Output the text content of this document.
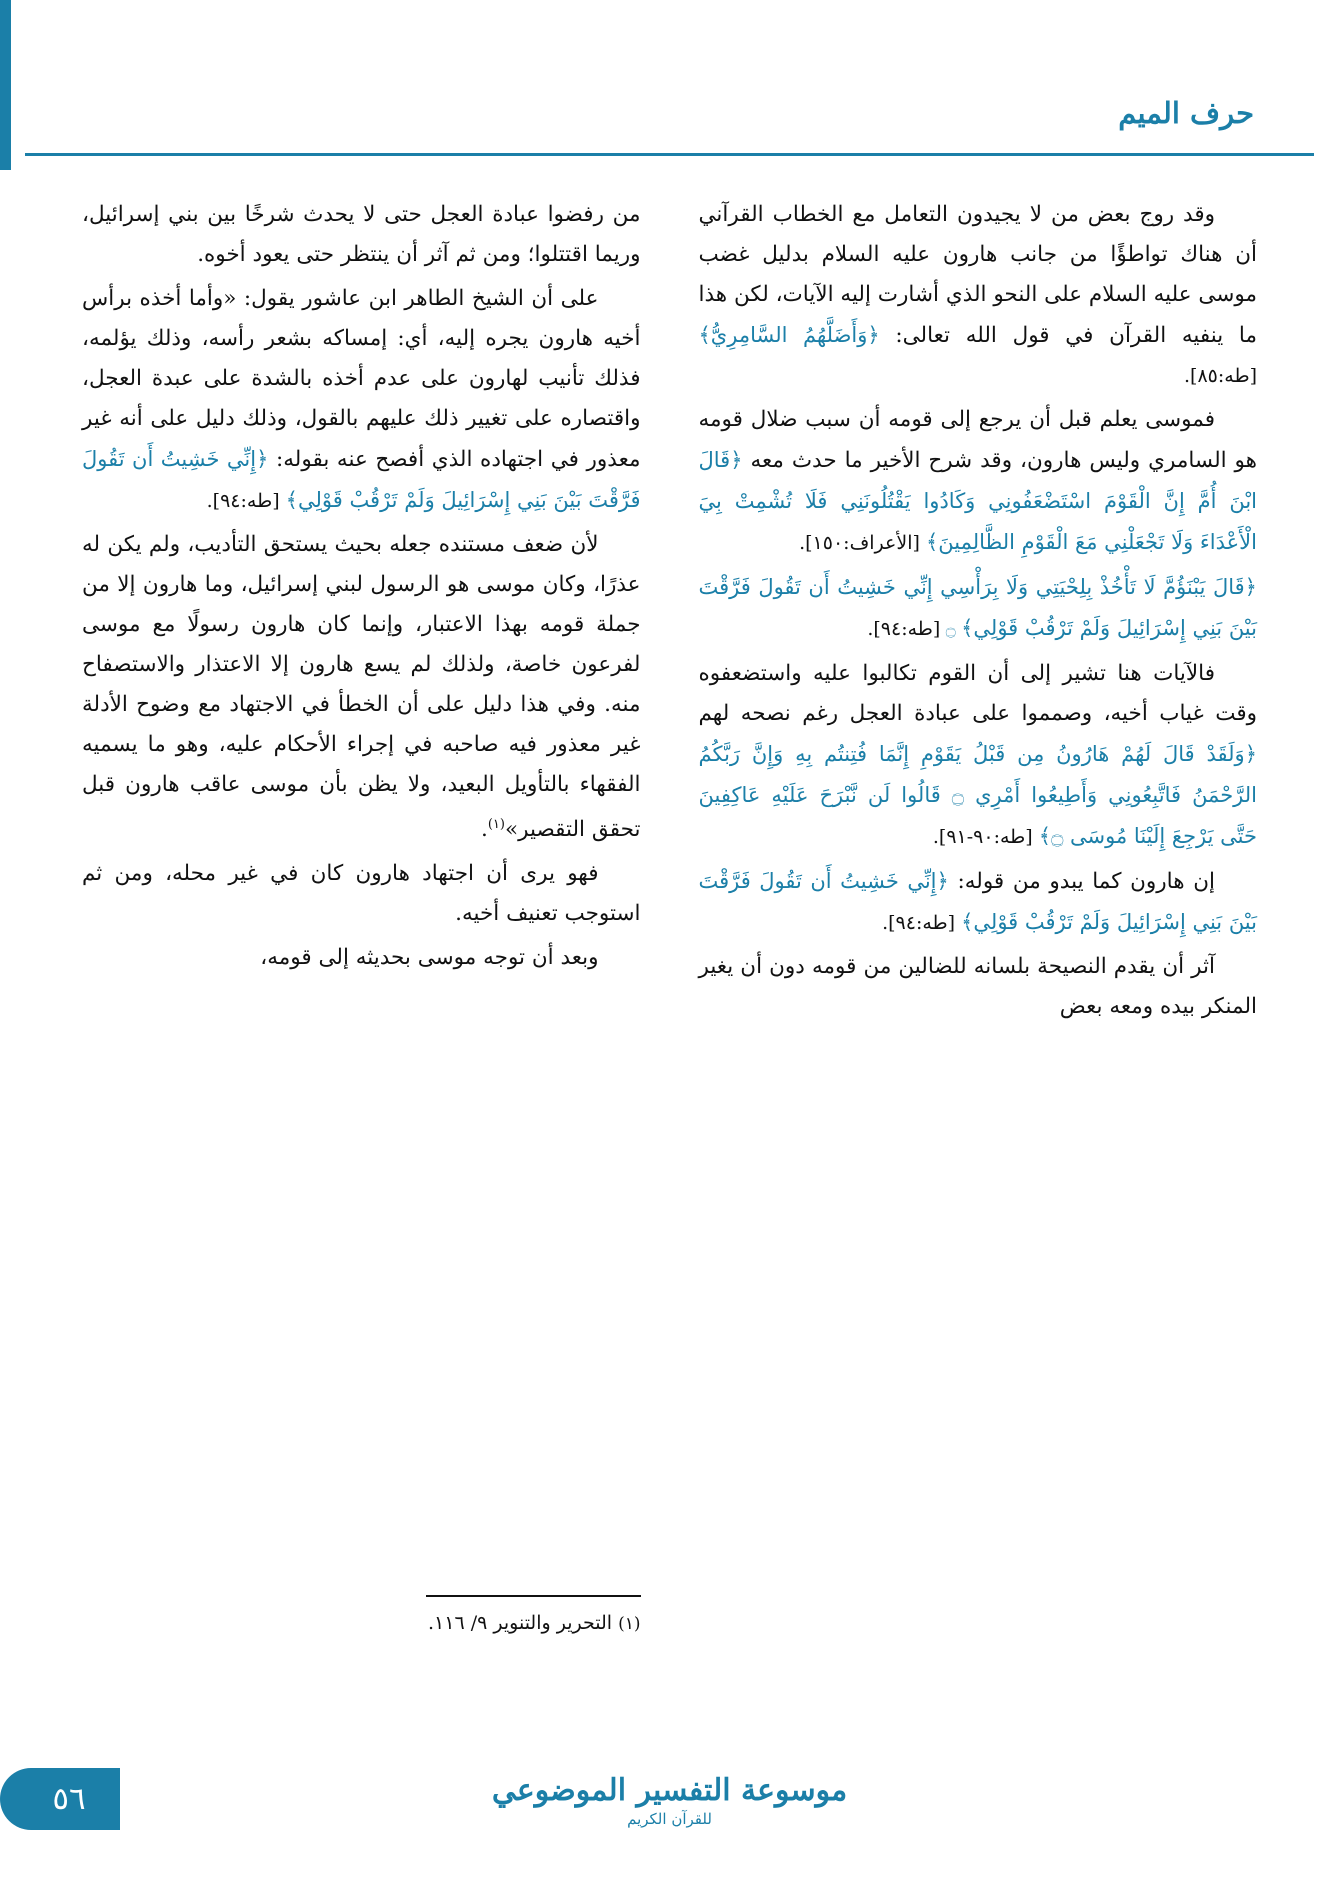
حرف الميم

وقد روج بعض من لا يجيدون التعامل مع الخطاب القرآني أن هناك تواطؤًا من جانب هارون عليه السلام بدليل غضب موسى عليه السلام على النحو الذي أشارت إليه الآيات، لكن هذا ما ينفيه القرآن في قول الله تعالى: ﴿وَأَضَلَّهُمُ السَّامِرِيُّ﴾ [طه:٨٥].

فموسى يعلم قبل أن يرجع إلى قومه أن سبب ضلال قومه هو السامري وليس هارون، وقد شرح الأخير ما حدث معه ﴿قَالَ ابْنَ أُمَّ إِنَّ الْقَوْمَ اسْتَضْعَفُونِي وَكَادُوا يَقْتُلُونَنِي فَلَا تُشْمِتْ بِيَ الْأَعْدَاءَ وَلَا تَجْعَلْنِي مَعَ الْقَوْمِ الظَّالِمِينَ﴾ [الأعراف:١٥٠].

﴿قَالَ يَبْنَؤُمَّ لَا تَأْخُذْ بِلِحْيَتِي وَلَا بِرَأْسِي إِنِّي خَشِيتُ أَن تَقُولَ فَرَّقْتَ بَيْنَ بَنِي إِسْرَائِيلَ وَلَمْ تَرْقُبْ قَوْلِي﴾ ۝ [طه:٩٤].

فالآيات هنا تشير إلى أن القوم تكالبوا عليه واستضعفوه وقت غياب أخيه، وصمموا على عبادة العجل رغم نصحه لهم ﴿وَلَقَدْ قَالَ لَهُمْ هَارُونُ مِن قَبْلُ يَقَوْمِ إِنَّمَا فُتِنتُم بِهِ وَإِنَّ رَبَّكُمُ الرَّحْمَنُ فَاتَّبِعُونِي وَأَطِيعُوا أَمْرِي ۝ قَالُوا لَن نَّبْرَحَ عَلَيْهِ عَاكِفِينَ حَتَّى يَرْجِعَ إِلَيْنَا مُوسَى ۝﴾ [طه:٩٠-٩١].

إن هارون كما يبدو من قوله: ﴿إِنِّي خَشِيتُ أَن تَقُولَ فَرَّقْتَ بَيْنَ بَنِي إِسْرَائِيلَ وَلَمْ تَرْقُبْ قَوْلِي﴾ [طه:٩٤].

آثر أن يقدم النصيحة بلسانه للضالين من قومه دون أن يغير المنكر بيده ومعه بعض

من رفضوا عبادة العجل حتى لا يحدث شرخًا بين بني إسرائيل، وريما اقتتلوا؛ ومن ثم آثر أن ينتظر حتى يعود أخوه.

على أن الشيخ الطاهر ابن عاشور يقول: «وأما أخذه برأس أخيه هارون يجره إليه، أي: إمساكه بشعر رأسه، وذلك يؤلمه، فذلك تأنيب لهارون على عدم أخذه بالشدة على عبدة العجل، واقتصاره على تغيير ذلك عليهم بالقول، وذلك دليل على أنه غير معذور في اجتهاده الذي أفصح عنه بقوله: ﴿إِنِّي خَشِيتُ أَن تَقُولَ فَرَّقْتَ بَيْنَ بَنِي إِسْرَائِيلَ وَلَمْ تَرْقُبْ قَوْلِي﴾ [طه:٩٤].

لأن ضعف مستنده جعله بحيث يستحق التأديب، ولم يكن له عذرًا، وكان موسى هو الرسول لبني إسرائيل، وما هارون إلا من جملة قومه بهذا الاعتبار، وإنما كان هارون رسولًا مع موسى لفرعون خاصة، ولذلك لم يسع هارون إلا الاعتذار والاستصفاح منه. وفي هذا دليل على أن الخطأ في الاجتهاد مع وضوح الأدلة غير معذور فيه صاحبه في إجراء الأحكام عليه، وهو ما يسميه الفقهاء بالتأويل البعيد، ولا يظن بأن موسى عاقب هارون قبل تحقق التقصير»$^{(١)}$.

فهو يرى أن اجتهاد هارون كان في غير محله، ومن ثم استوجب تعنيف أخيه.

وبعد أن توجه موسى بحديثه إلى قومه،

(١) التحرير والتنوير ٩/ ١١٦.
موسوعة التفسير الموضوعي
للقرآن الكريم
٥٦
